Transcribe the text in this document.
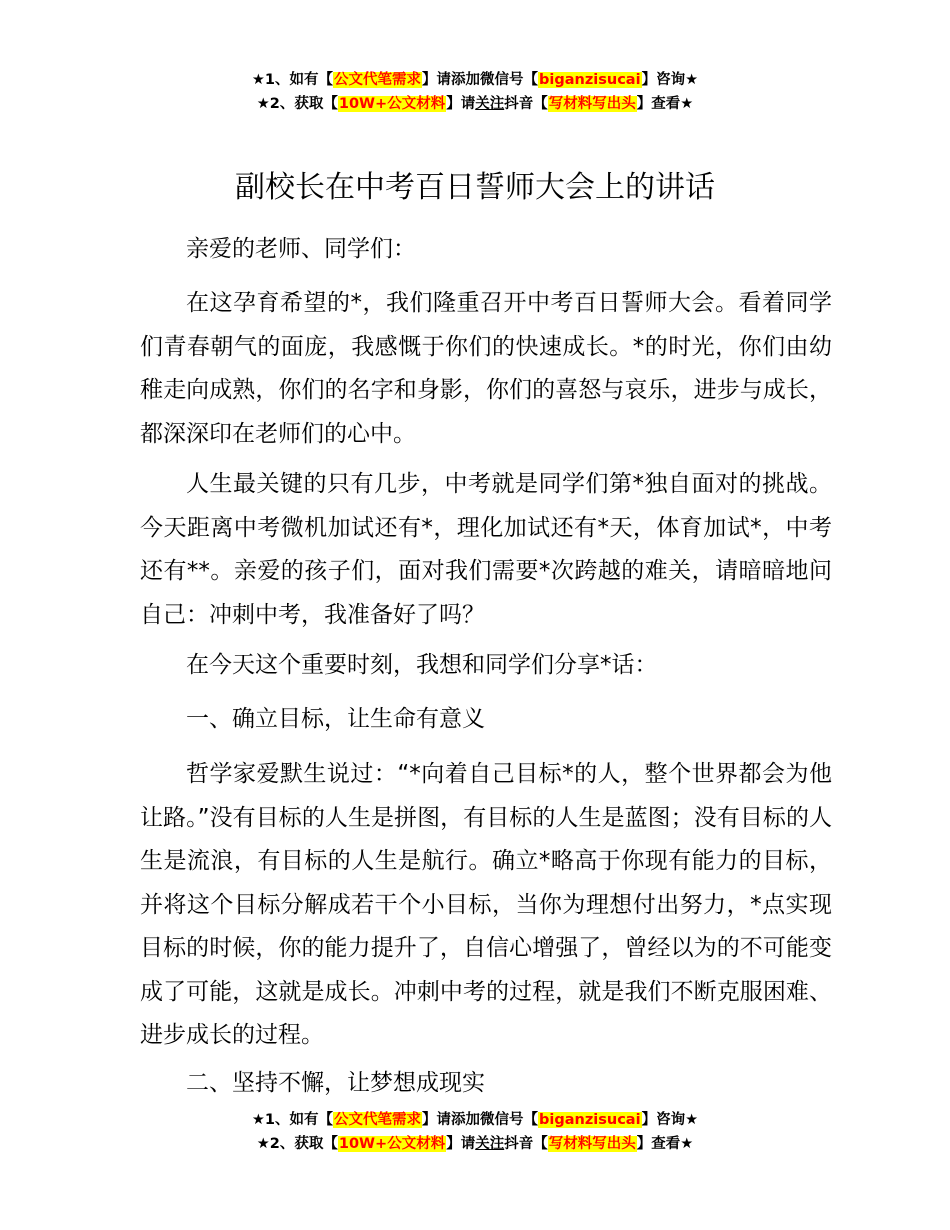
★1、如有【公文代笔需求】请添加微信号【biganzisucai】咨询★
★2、获取【10W+公文材料】请关注抖音【写材料写出头】查看★
副校长在中考百日誓师大会上的讲话

亲爱的老师、同学们：

在这孕育希望的*，我们隆重召开中考百日誓师大会。看着同学们青春朝气的面庞，我感慨于你们的快速成长。*的时光，你们由幼稚走向成熟，你们的名字和身影，你们的喜怒与哀乐，进步与成长，都深深印在老师们的心中。

人生最关键的只有几步，中考就是同学们第*独自面对的挑战。今天距离中考微机加试还有*，理化加试还有*天，体育加试*，中考还有**。亲爱的孩子们，面对我们需要*次跨越的难关，请暗暗地问自己：冲刺中考，我准备好了吗？

在今天这个重要时刻，我想和同学们分享*话：

一、确立目标，让生命有意义

哲学家爱默生说过：“*向着自己目标*的人，整个世界都会为他让路。”没有目标的人生是拼图，有目标的人生是蓝图；没有目标的人生是流浪，有目标的人生是航行。确立*略高于你现有能力的目标，并将这个目标分解成若干个小目标，当你为理想付出努力，*点实现目标的时候，你的能力提升了，自信心增强了，曾经以为的不可能变成了可能，这就是成长。冲刺中考的过程，就是我们不断克服困难、进步成长的过程。

二、坚持不懈，让梦想成现实

★1、如有【公文代笔需求】请添加微信号【biganzisucai】咨询★
★2、获取【10W+公文材料】请关注抖音【写材料写出头】查看★
